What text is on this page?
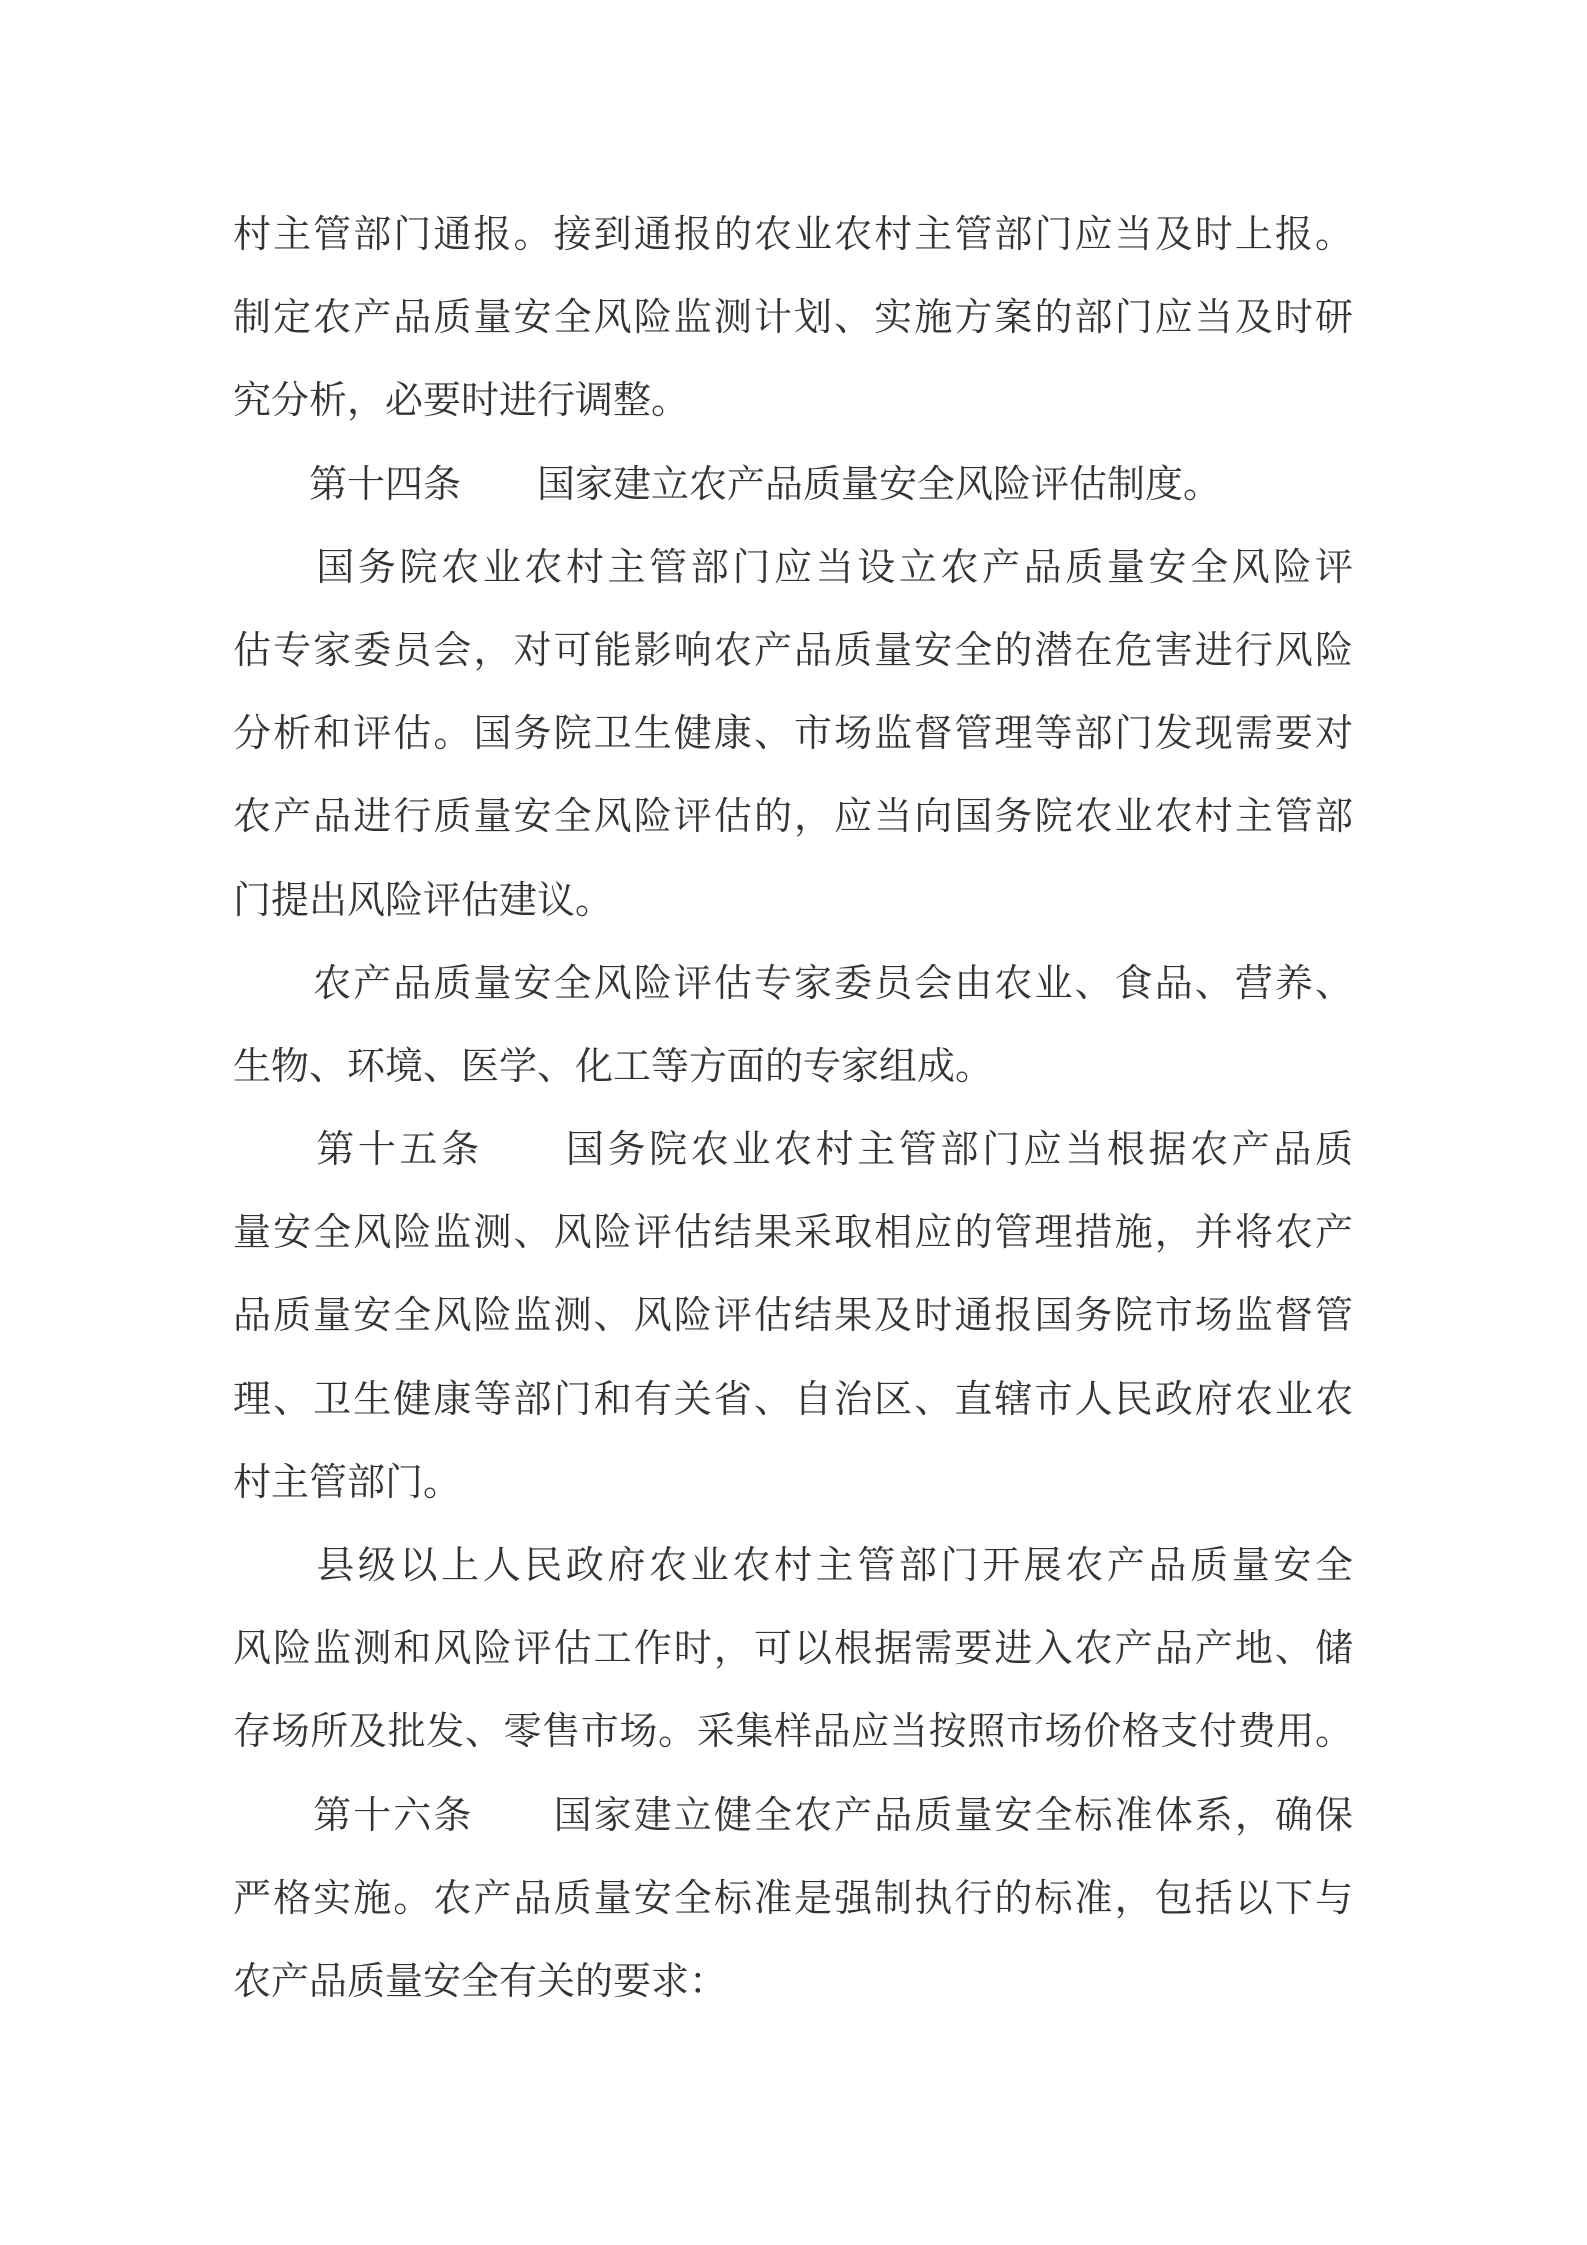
村主管部门通报。接到通报的农业农村主管部门应当及时上报。
制定农产品质量安全风险监测计划、实施方案的部门应当及时研
究分析，必要时进行调整。
　　第十四条　　国家建立农产品质量安全风险评估制度。
　　国务院农业农村主管部门应当设立农产品质量安全风险评
估专家委员会，对可能影响农产品质量安全的潜在危害进行风险
分析和评估。国务院卫生健康、市场监督管理等部门发现需要对
农产品进行质量安全风险评估的，应当向国务院农业农村主管部
门提出风险评估建议。
　　农产品质量安全风险评估专家委员会由农业、食品、营养、
生物、环境、医学、化工等方面的专家组成。
　　第十五条　　国务院农业农村主管部门应当根据农产品质
量安全风险监测、风险评估结果采取相应的管理措施，并将农产
品质量安全风险监测、风险评估结果及时通报国务院市场监督管
理、卫生健康等部门和有关省、自治区、直辖市人民政府农业农
村主管部门。
　　县级以上人民政府农业农村主管部门开展农产品质量安全
风险监测和风险评估工作时，可以根据需要进入农产品产地、储
存场所及批发、零售市场。采集样品应当按照市场价格支付费用。
　　第十六条　　国家建立健全农产品质量安全标准体系，确保
严格实施。农产品质量安全标准是强制执行的标准，包括以下与
农产品质量安全有关的要求：
